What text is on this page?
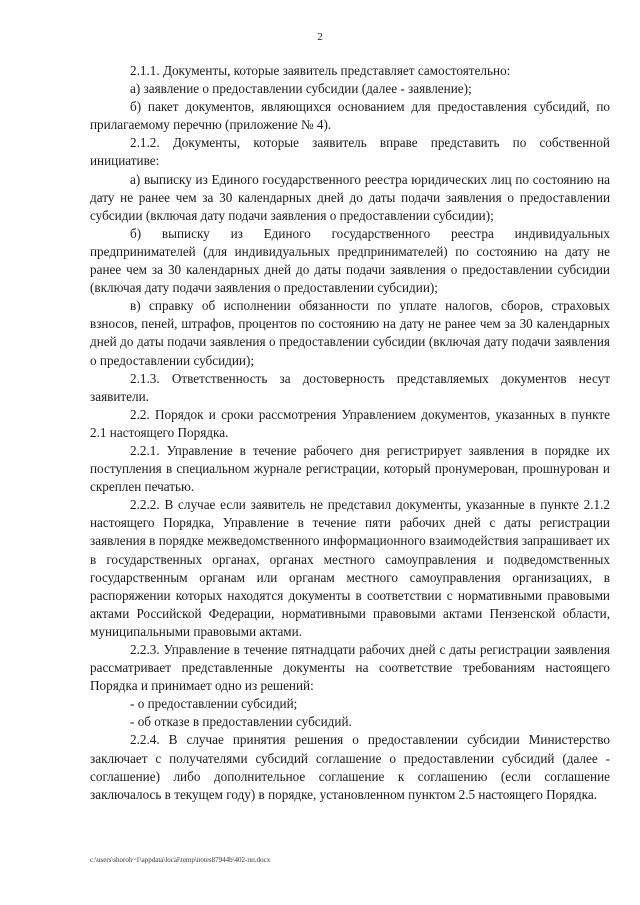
2

2.1.1. Документы, которые заявитель представляет самостоятельно:

а) заявление о предоставлении субсидии (далее - заявление);

б) пакет документов, являющихся основанием для предоставления субсидий, по прилагаемому перечню (приложение № 4).

2.1.2. Документы, которые заявитель вправе представить по собственной инициативе:

а) выписку из Единого государственного реестра юридических лиц по состоянию на дату не ранее чем за 30 календарных дней до даты подачи заявления о предоставлении субсидии (включая дату подачи заявления о предоставлении субсидии);

б) выписку из Единого государственного реестра индивидуальных предпринимателей (для индивидуальных предпринимателей) по состоянию на дату не ранее чем за 30 календарных дней до даты подачи заявления о предоставлении субсидии (включая дату подачи заявления о предоставлении субсидии);

в) справку об исполнении обязанности по уплате налогов, сборов, страховых взносов, пеней, штрафов, процентов по состоянию на дату не ранее чем за 30 календарных дней до даты подачи заявления о предоставлении субсидии (включая дату подачи заявления о предоставлении субсидии);

2.1.3. Ответственность за достоверность представляемых документов несут заявители.

2.2. Порядок и сроки рассмотрения Управлением документов, указанных в пункте 2.1 настоящего Порядка.

2.2.1. Управление в течение рабочего дня регистрирует заявления в порядке их поступления в специальном журнале регистрации, который пронумерован, прошнурован и скреплен печатью.

2.2.2. В случае если заявитель не представил документы, указанные в пункте 2.1.2 настоящего Порядка, Управление в течение пяти рабочих дней с даты регистрации заявления в порядке межведомственного информационного взаимодействия запрашивает их в государственных органах, органах местного самоуправления и подведомственных государственным органам или органам местного самоуправления организациях, в распоряжении которых находятся документы в соответствии с нормативными правовыми актами Российской Федерации, нормативными правовыми актами Пензенской области, муниципальными правовыми актами.

2.2.3. Управление в течение пятнадцати рабочих дней с даты регистрации заявления рассматривает представленные документы на соответствие требованиям настоящего Порядка и принимает одно из решений:

- о предоставлении субсидий;

- об отказе в предоставлении субсидий.

2.2.4. В случае принятия решения о предоставлении субсидии Министерство заключает с получателями субсидий соглашение о предоставлении субсидий (далее - соглашение) либо дополнительное соглашение к соглашению (если соглашение заключалось в текущем году) в порядке, установленном пунктом 2.5 настоящего Порядка.

c:\users\shoroh~1\appdata\local\temp\notes87944b\402-пп.docx
